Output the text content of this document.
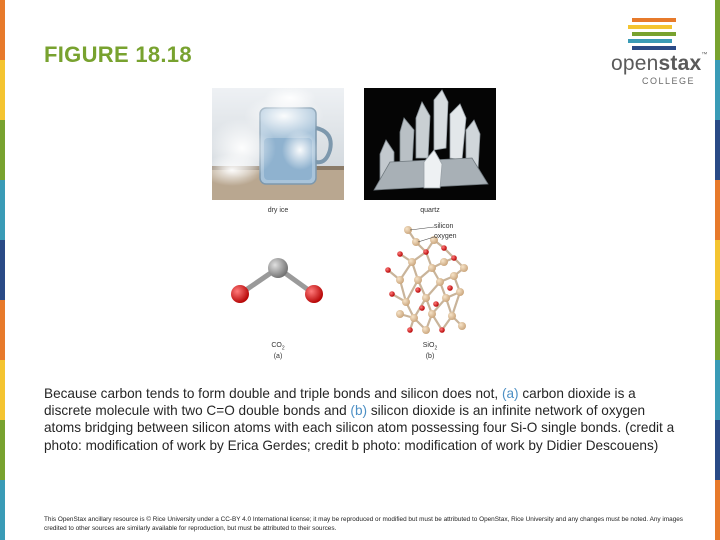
FIGURE 18.18	openstax™
COLLEGE
dry ice	quartz
$CO_2$
(a)
silicon
oxygen
SiO$_2$
(b)

Because carbon tends to form double and triple bonds and silicon does not, (a) carbon dioxide is a discrete molecule with two C=O double bonds and (b) silicon dioxide is an infinite network of oxygen atoms bridging between silicon atoms with each silicon atom possessing four Si-O single bonds. (credit a photo: modification of work by Erica Gerdes; credit b photo: modification of work by Didier Descouens)

This OpenStax ancillary resource is © Rice University under a CC-BY 4.0 International license; it may be reproduced or modified but must be attributed to OpenStax, Rice University and any changes must be noted. Any images credited to other sources are similarly available for reproduction, but must be attributed to their sources.
